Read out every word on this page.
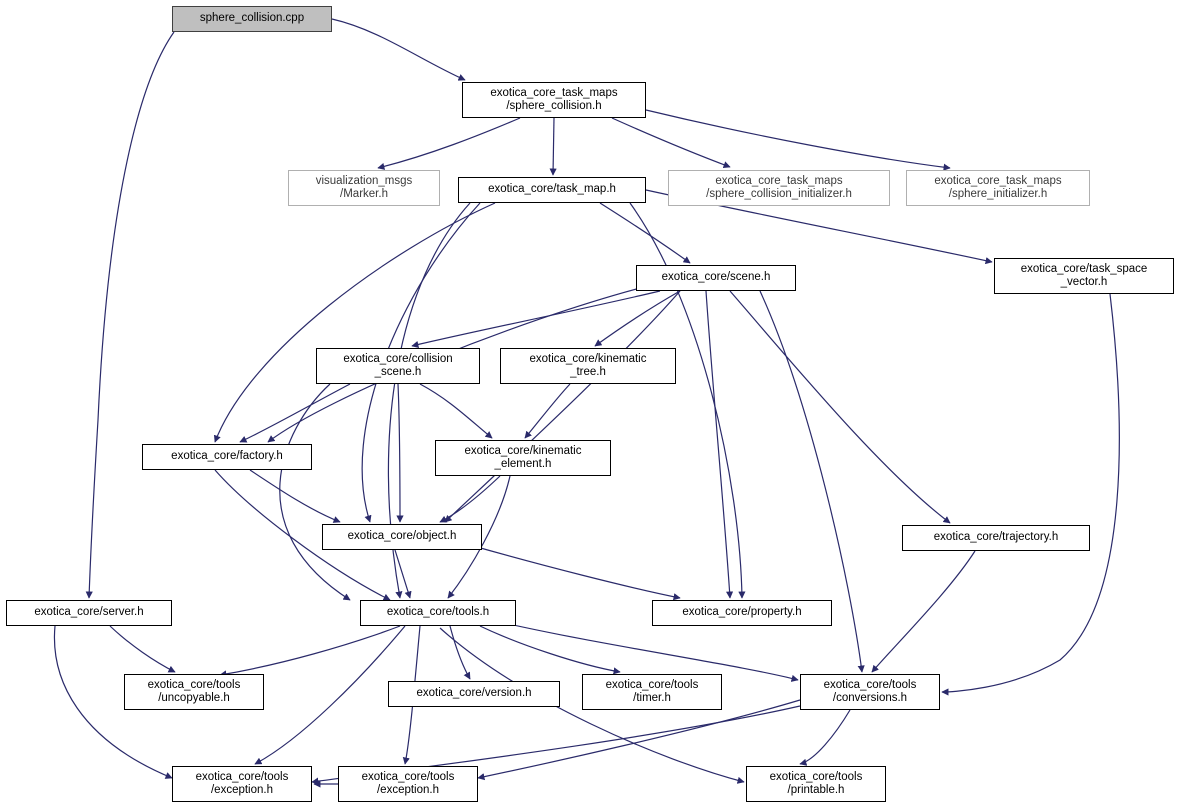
sphere_collision.cpp
exotica_core_task_maps
/sphere_collision.h
visualization_msgs
/Marker.h	exotica_core/task_map.h
exotica_core_task_maps
/sphere_collision_initializer.h
exotica_core_task_maps
/sphere_initializer.h
exotica_core/scene.h
exotica_core/task_space
_vector.h
exotica_core/collision
_scene.h
exotica_core/kinematic
_tree.h
exotica_core/factory.h	exotica_core/kinematic
_element.h
exotica_core/object.h	exotica_core/trajectory.h
exotica_core/server.h	exotica_core/tools.h	exotica_core/property.h
exotica_core/tools
/uncopyable.h	exotica_core/version.h
exotica_core/tools
/timer.h
exotica_core/tools
/conversions.h
exotica_core/tools
/exception.h
exotica_core/tools
/exception.h
exotica_core/tools
/printable.h
